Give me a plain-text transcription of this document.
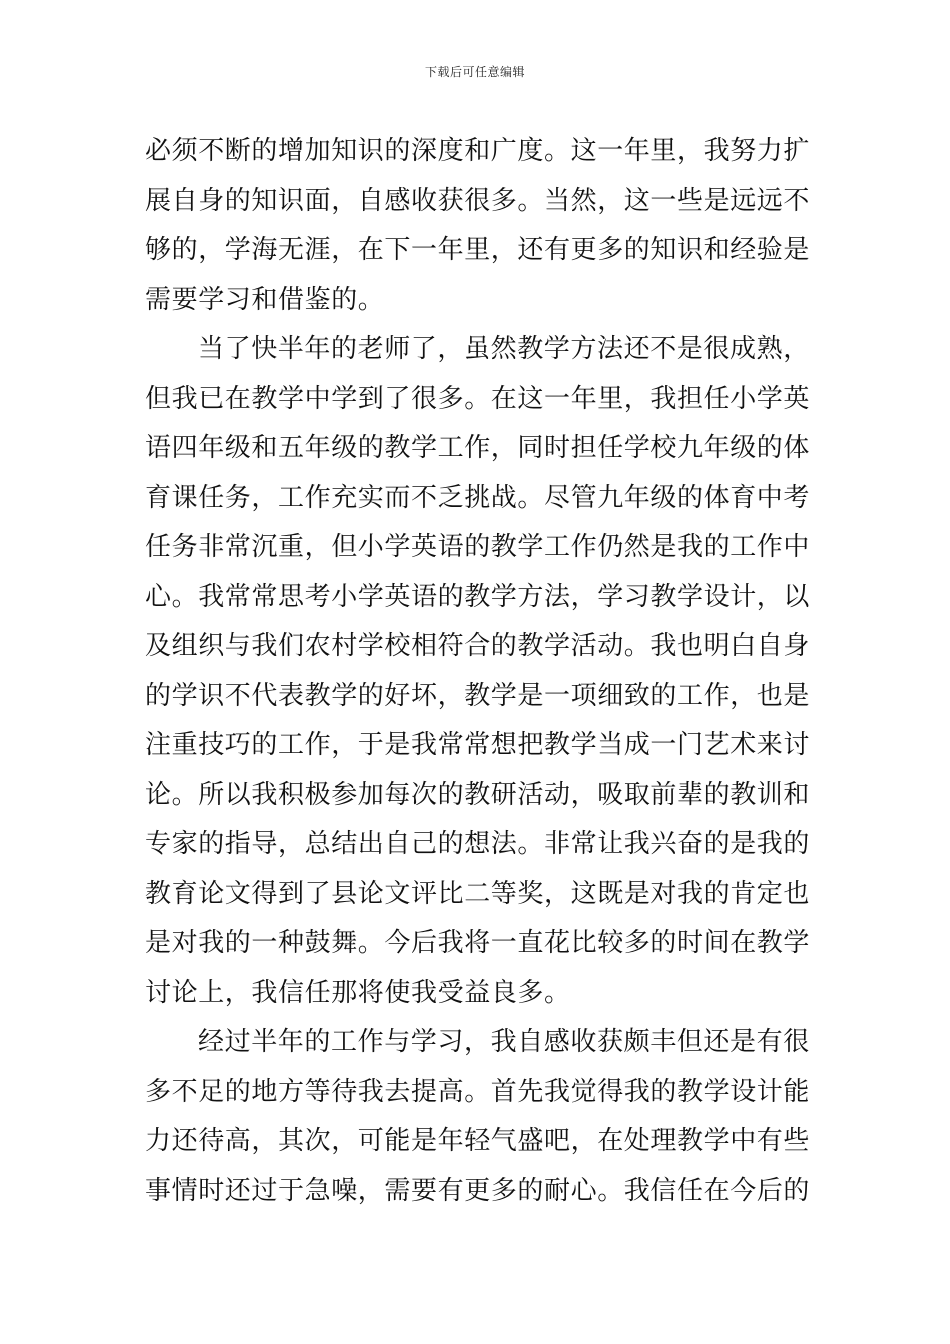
下载后可任意编辑
必须不断的增加知识的深度和广度。这一年里，我努力扩
展自身的知识面，自感收获很多。当然，这一些是远远不
够的，学海无涯，在下一年里，还有更多的知识和经验是
需要学习和借鉴的。
当了快半年的老师了，虽然教学方法还不是很成熟，
但我已在教学中学到了很多。在这一年里，我担任小学英
语四年级和五年级的教学工作，同时担任学校九年级的体
育课任务，工作充实而不乏挑战。尽管九年级的体育中考
任务非常沉重，但小学英语的教学工作仍然是我的工作中
心。我常常思考小学英语的教学方法，学习教学设计，以
及组织与我们农村学校相符合的教学活动。我也明白自身
的学识不代表教学的好坏，教学是一项细致的工作，也是
注重技巧的工作，于是我常常想把教学当成一门艺术来讨
论。所以我积极参加每次的教研活动，吸取前辈的教训和
专家的指导，总结出自己的想法。非常让我兴奋的是我的
教育论文得到了县论文评比二等奖，这既是对我的肯定也
是对我的一种鼓舞。今后我将一直花比较多的时间在教学
讨论上，我信任那将使我受益良多。
经过半年的工作与学习，我自感收获颇丰但还是有很
多不足的地方等待我去提高。首先我觉得我的教学设计能
力还待高，其次，可能是年轻气盛吧，在处理教学中有些
事情时还过于急噪，需要有更多的耐心。我信任在今后的
